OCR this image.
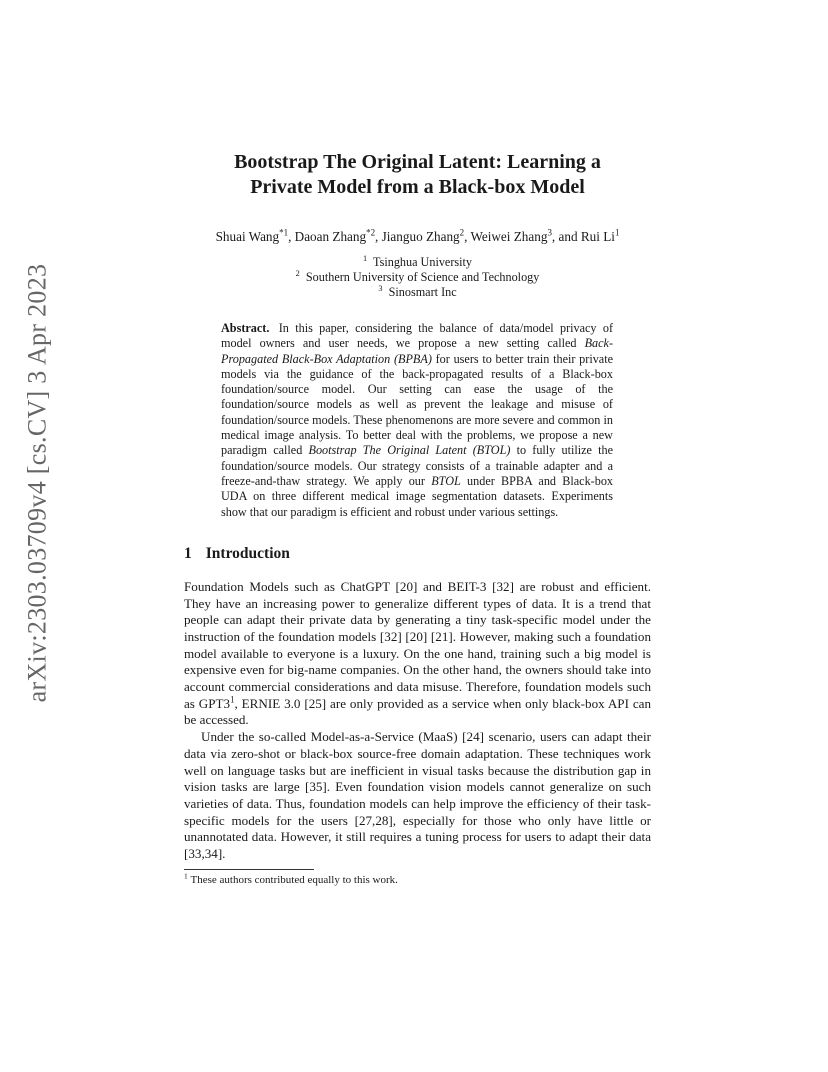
arXiv:2303.03709v4 [cs.CV] 3 Apr 2023
Bootstrap The Original Latent: Learning a
Private Model from a Black-box Model
Shuai Wang$^{*1}$, Daoan Zhang$^{*2}$, Jianguo Zhang$^2$, Weiwei Zhang$^3$, and Rui Li$^1$
$^1$ Tsinghua University
$^2$ Southern University of Science and Technology
$^3$ Sinosmart Inc
Abstract. In this paper, considering the balance of data/model privacy of model owners and user needs, we propose a new setting called Back-Propagated Black-Box Adaptation (BPBA) for users to better train their private models via the guidance of the back-propagated results of a Black-box foundation/source model. Our setting can ease the usage of the foundation/source models as well as prevent the leakage and misuse of foundation/source models. These phenomenons are more severe and common in medical image analysis. To better deal with the problems, we propose a new paradigm called Bootstrap The Original Latent (BTOL) to fully utilize the foundation/source models. Our strategy consists of a trainable adapter and a freeze-and-thaw strategy. We apply our BTOL under BPBA and Black-box UDA on three different medical image segmentation datasets. Experiments show that our paradigm is efficient and robust under various settings.
1 Introduction

Foundation Models such as ChatGPT [20] and BEIT-3 [32] are robust and efficient. They have an increasing power to generalize different types of data. It is a trend that people can adapt their private data by generating a tiny task-specific model under the instruction of the foundation models [32] [20] [21]. However, making such a foundation model available to everyone is a luxury. On the one hand, training such a big model is expensive even for big-name companies. On the other hand, the owners should take into account commercial considerations and data misuse. Therefore, foundation models such as $GPT3^1$, ERNIE 3.0 [25] are only provided as a service when only black-box API can be accessed.

Under the so-called Model-as-a-Service (MaaS) [24] scenario, users can adapt their data via zero-shot or black-box source-free domain adaptation. These techniques work well on language tasks but are inefficient in visual tasks because the distribution gap in vision tasks are large [35]. Even foundation vision models cannot generalize on such varieties of data. Thus, foundation models can help improve the efficiency of their task-specific models for the users [27,28], especially for those who only have little or unannotated data. However, it still requires a tuning process for users to adapt their data [33,34].

$^1$ These authors contributed equally to this work.
